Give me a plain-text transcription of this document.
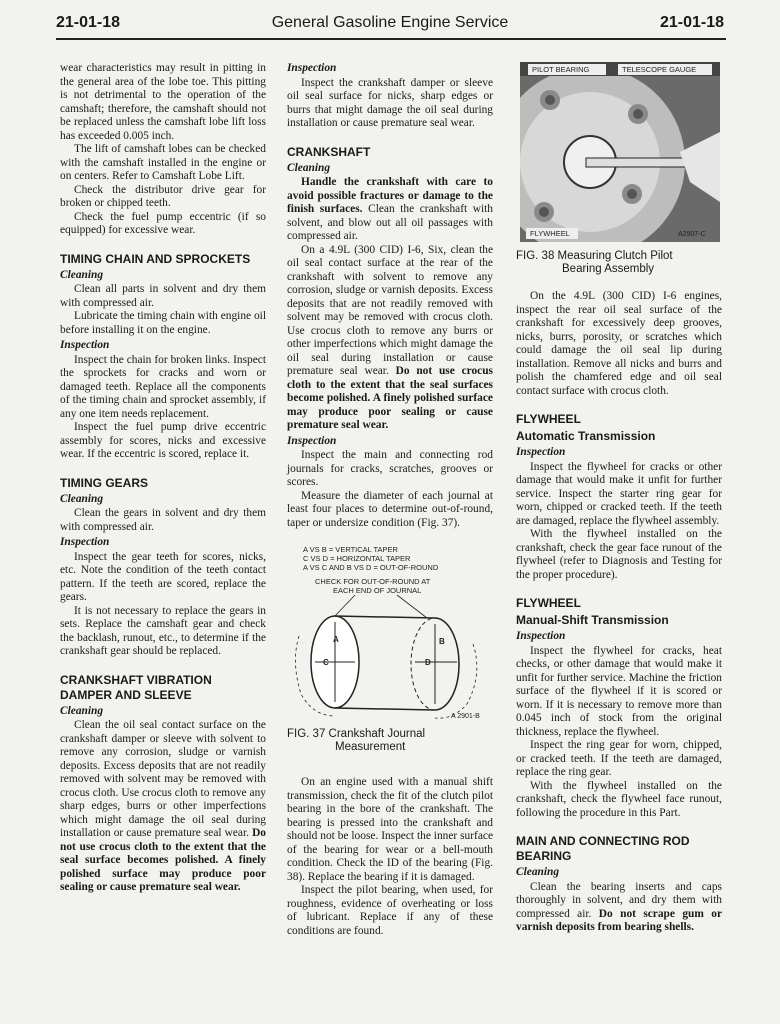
21-01-18	General Gasoline Engine Service	21-01-18

wear characteristics may result in pitting in the general area of the lobe toe. This pitting is not detrimental to the operation of the camshaft; therefore, the camshaft should not be replaced unless the camshaft lobe lift loss has exceeded 0.005 inch.

The lift of camshaft lobes can be checked with the camshaft installed in the engine or on centers. Refer to Camshaft Lobe Lift.

Check the distributor drive gear for broken or chipped teeth.

Check the fuel pump eccentric (if so equipped) for excessive wear.

TIMING CHAIN AND SPROCKETS
Cleaning

Clean all parts in solvent and dry them with compressed air.

Lubricate the timing chain with engine oil before installing it on the engine.

Inspection

Inspect the chain for broken links. Inspect the sprockets for cracks and worn or damaged teeth. Replace all the components of the timing chain and sprocket assembly, if any one item needs replacement.

Inspect the fuel pump drive eccentric assembly for scores, nicks and excessive wear. If the eccentric is scored, replace it.

TIMING GEARS
Cleaning

Clean the gears in solvent and dry them with compressed air.

Inspection

Inspect the gear teeth for scores, nicks, etc. Note the condition of the teeth contact pattern. If the teeth are scored, replace the gears.

It is not necessary to replace the gears in sets. Replace the camshaft gear and check the backlash, runout, etc., to determine if the crankshaft gear should be replaced.

CRANKSHAFT VIBRATION DAMPER AND SLEEVE
Cleaning

Clean the oil seal contact surface on the crankshaft damper or sleeve with solvent to remove any corrosion, sludge or varnish deposits. Excess deposits that are not readily removed with solvent may be removed with crocus cloth. Use crocus cloth to remove any sharp edges, burrs or other imperfections which might damage the oil seal during installation or cause premature seal wear. Do not use crocus cloth to the extent that the seal surface becomes polished. A finely polished surface may produce poor sealing or cause premature seal wear.

Inspection

Inspect the crankshaft damper or sleeve oil seal surface for nicks, sharp edges or burrs that might damage the oil seal during installation or cause premature seal wear.

CRANKSHAFT
Cleaning

Handle the crankshaft with care to avoid possible fractures or damage to the finish surfaces. Clean the crankshaft with solvent, and blow out all oil passages with compressed air.

On a 4.9L (300 CID) I-6, Six, clean the oil seal contact surface at the rear of the crankshaft with solvent to remove any corrosion, sludge or varnish deposits. Excess deposits that are not readily removed with solvent may be removed with crocus cloth. Use crocus cloth to remove any burrs or other imperfections which might damage the oil seal during installation or cause premature seal wear. Do not use crocus cloth to the extent that the seal surfaces become polished. A finely polished surface may produce poor sealing or cause premature seal wear.

Inspection

Inspect the main and connecting rod journals for cracks, scratches, grooves or scores.

Measure the diameter of each journal at least four places to determine out-of-round, taper or undersize condition (Fig. 37).

A VS B = VERTICAL TAPER
C VS D = HORIZONTAL TAPER
A VS C AND B VS D = OUT-OF-ROUND
CHECK FOR OUT-OF-ROUND AT
EACH END OF JOURNAL
A	B
C	D
A 2901-B
FIG. 37 Crankshaft Journal
Measurement

On an engine used with a manual shift transmission, check the fit of the clutch pilot bearing in the bore of the crankshaft. The bearing is pressed into the crankshaft and should not be loose. Inspect the inner surface of the bearing for wear or a bell-mouth condition. Check the ID of the bearing (Fig. 38). Replace the bearing if it is damaged.

Inspect the pilot bearing, when used, for roughness, evidence of overheating or loss of lubricant. Replace if any of these conditions are found.

PILOT BEARING	TELESCOPE GAUGE
FLYWHEEL	A2907-C
FIG. 38 Measuring Clutch Pilot
Bearing Assembly

On the 4.9L (300 CID) I-6 engines, inspect the rear oil seal surface of the crankshaft for excessively deep grooves, nicks, burrs, porosity, or scratches which could damage the oil seal lip during installation. Remove all nicks and burrs and polish the chamfered edge and oil seal contact surface with crocus cloth.

FLYWHEEL
Automatic Transmission
Inspection

Inspect the flywheel for cracks or other damage that would make it unfit for further service. Inspect the starter ring gear for worn, chipped or cracked teeth. If the teeth are damaged, replace the flywheel assembly.

With the flywheel installed on the crankshaft, check the gear face runout of the flywheel (refer to Diagnosis and Testing for the proper procedure).

FLYWHEEL
Manual-Shift Transmission
Inspection

Inspect the flywheel for cracks, heat checks, or other damage that would make it unfit for further service. Machine the friction surface of the flywheel if it is scored or worn. If it is necessary to remove more than 0.045 inch of stock from the original thickness, replace the flywheel.

Inspect the ring gear for worn, chipped, or cracked teeth. If the teeth are damaged, replace the ring gear.

With the flywheel installed on the crankshaft, check the flywheel face runout, following the procedure in this Part.

MAIN AND CONNECTING ROD BEARING
Cleaning

Clean the bearing inserts and caps thoroughly in solvent, and dry them with compressed air. Do not scrape gum or varnish deposits from bearing shells.
